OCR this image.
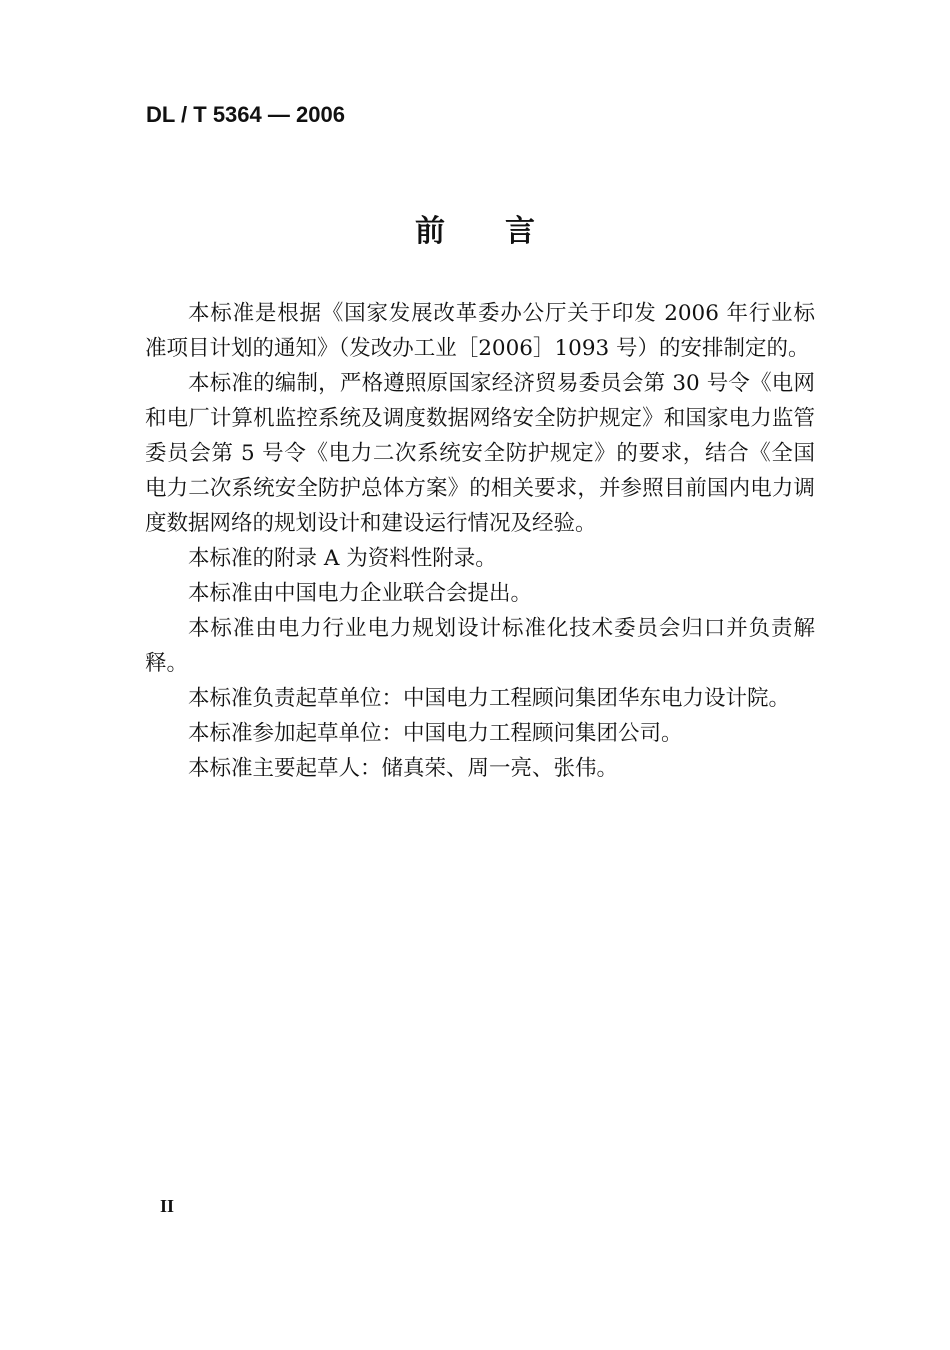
DL / T 5364 — 2006
前言

本标准是根据《国家发展改革委办公厅关于印发 2006 年行业标准项目计划的通知》（发改办工业［2006］1093 号）的安排制定的。

本标准的编制，严格遵照原国家经济贸易委员会第 30 号令《电网和电厂计算机监控系统及调度数据网络安全防护规定》和国家电力监管委员会第 5 号令《电力二次系统安全防护规定》的要求，结合《全国电力二次系统安全防护总体方案》的相关要求，并参照目前国内电力调度数据网络的规划设计和建设运行情况及经验。

本标准的附录 A 为资料性附录。

本标准由中国电力企业联合会提出。

本标准由电力行业电力规划设计标准化技术委员会归口并负责解释。

本标准负责起草单位：中国电力工程顾问集团华东电力设计院。

本标准参加起草单位：中国电力工程顾问集团公司。

本标准主要起草人：储真荣、周一亮、张伟。

II
